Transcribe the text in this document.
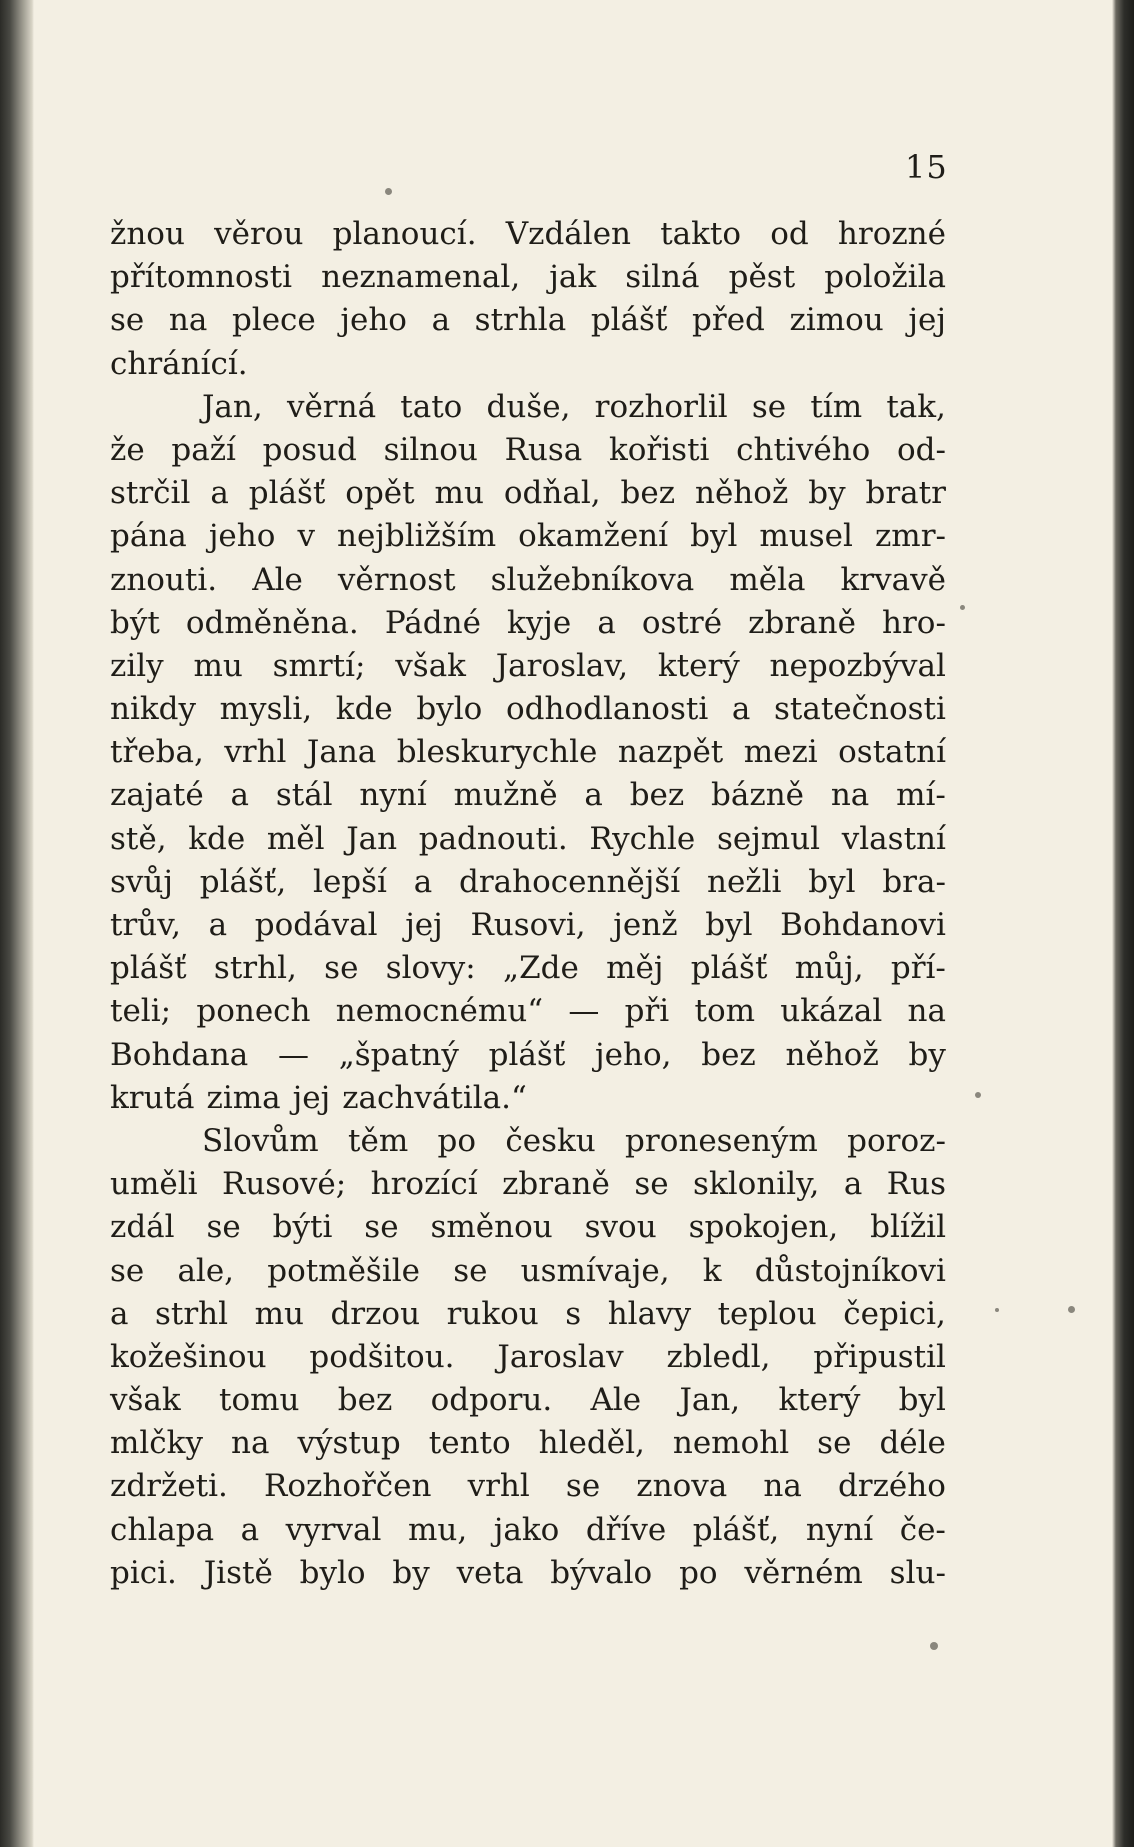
15
žnou věrou planoucí. Vzdálen takto od hrozné
přítomnosti neznamenal, jak silná pěst položila
se na plece jeho a strhla plášť před zimou jej
chránící.
Jan, věrná tato duše, rozhorlil se tím tak,
že paží posud silnou Rusa kořisti chtivého od-
strčil a plášť opět mu odňal, bez něhož by bratr
pána jeho v nejbližším okamžení byl musel zmr-
znouti. Ale věrnost služebníkova měla krvavě
být odměněna. Pádné kyje a ostré zbraně hro-
zily mu smrtí; však Jaroslav, který nepozbýval
nikdy mysli, kde bylo odhodlanosti a statečnosti
třeba, vrhl Jana bleskurychle nazpět mezi ostatní
zajaté a stál nyní mužně a bez bázně na mí-
stě, kde měl Jan padnouti. Rychle sejmul vlastní
svůj plášť, lepší a drahocennější nežli byl bra-
trův, a podával jej Rusovi, jenž byl Bohdanovi
plášť strhl, se slovy: „Zde měj plášť můj, pří-
teli; ponech nemocnému“ — při tom ukázal na
Bohdana — „špatný plášť jeho, bez něhož by
krutá zima jej zachvátila.“
Slovům těm po česku proneseným poroz-
uměli Rusové; hrozící zbraně se sklonily, a Rus
zdál se býti se směnou svou spokojen, blížil
se ale, potměšile se usmívaje, k důstojníkovi
a strhl mu drzou rukou s hlavy teplou čepici,
kožešinou podšitou. Jaroslav zbledl, připustil
však tomu bez odporu. Ale Jan, který byl
mlčky na výstup tento hleděl, nemohl se déle
zdržeti. Rozhořčen vrhl se znova na drzého
chlapa a vyrval mu, jako dříve plášť, nyní če-
pici. Jistě bylo by veta bývalo po věrném slu-
